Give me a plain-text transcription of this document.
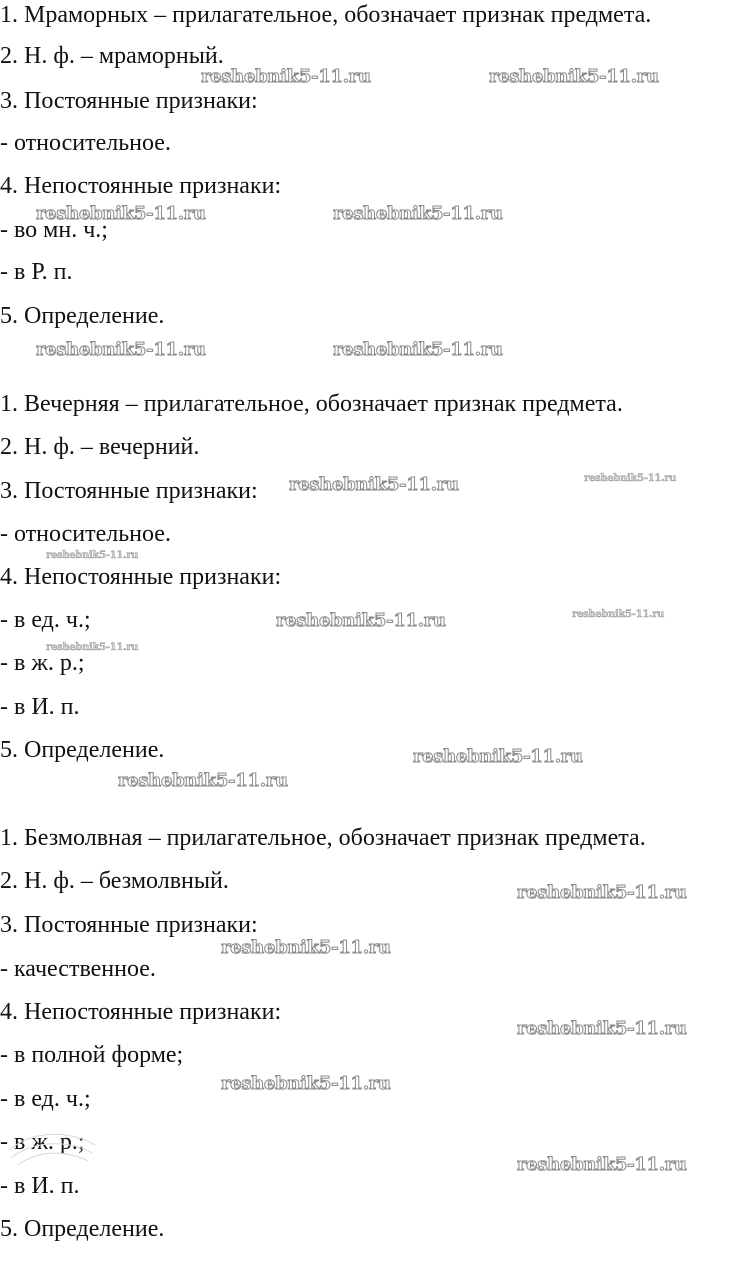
1. Мраморных – прилагательное, обозначает признак предмета.
2. Н. ф. – мраморный.
3. Постоянные признаки:
- относительное.
4. Непостоянные признаки:
- во мн. ч.;
- в Р. п.
5. Определение.
1. Вечерняя – прилагательное, обозначает признак предмета.
2. Н. ф. – вечерний.
3. Постоянные признаки:
- относительное.
4. Непостоянные признаки:
- в ед. ч.;
- в ж. р.;
- в И. п.
5. Определение.
1. Безмолвная – прилагательное, обозначает признак предмета.
2. Н. ф. – безмолвный.
3. Постоянные признаки:
- качественное.
4. Непостоянные признаки:
- в полной форме;
- в ед. ч.;
- в ж. р.;
- в И. п.
5. Определение.
reshebnik5-11.ru	reshebnik5-11.ru
reshebnik5-11.ru	reshebnik5-11.ru
reshebnik5-11.ru	reshebnik5-11.ru
reshebnik5-11.ru	reshebnik5-11.ru
reshebnik5-11.ru
reshebnik5-11.ru	reshebnik5-11.ru
reshebnik5-11.ru
reshebnik5-11.ru
reshebnik5-11.ru
reshebnik5-11.ru
reshebnik5-11.ru
reshebnik5-11.ru
reshebnik5-11.ru
reshebnik5-11.ru
